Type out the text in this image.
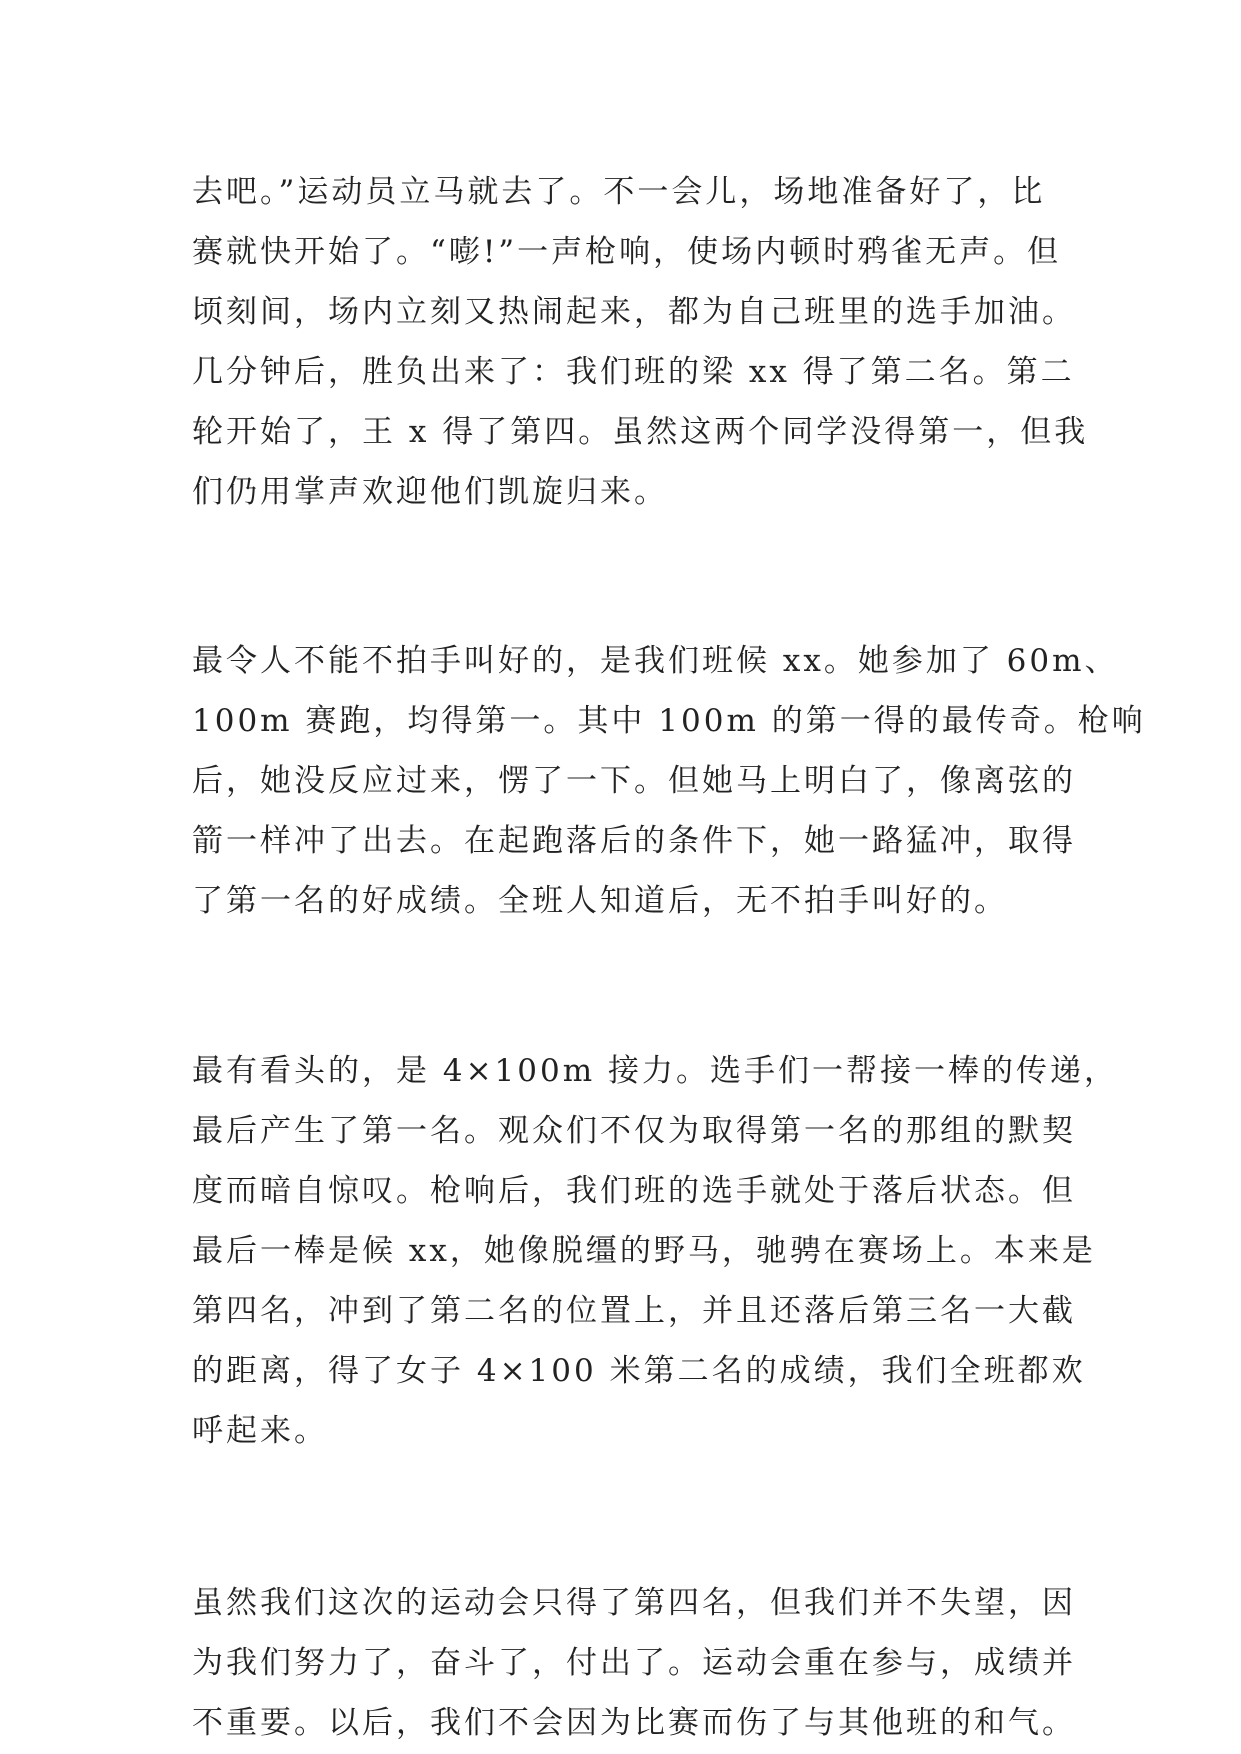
去吧。”运动员立马就去了。不一会儿，场地准备好了，比
赛就快开始了。“嘭!”一声枪响，使场内顿时鸦雀无声。但
顷刻间，场内立刻又热闹起来，都为自己班里的选手加油。
几分钟后，胜负出来了：我们班的梁 xx 得了第二名。第二
轮开始了，王 x 得了第四。虽然这两个同学没得第一，但我
们仍用掌声欢迎他们凯旋归来。
最令人不能不拍手叫好的，是我们班候 xx。她参加了 60m、
100m 赛跑，均得第一。其中 100m 的第一得的最传奇。枪响
后，她没反应过来，愣了一下。但她马上明白了，像离弦的
箭一样冲了出去。在起跑落后的条件下，她一路猛冲，取得
了第一名的好成绩。全班人知道后，无不拍手叫好的。
最有看头的，是 4×100m 接力。选手们一帮接一棒的传递，
最后产生了第一名。观众们不仅为取得第一名的那组的默契
度而暗自惊叹。枪响后，我们班的选手就处于落后状态。但
最后一棒是候 xx，她像脱缰的野马，驰骋在赛场上。本来是
第四名，冲到了第二名的位置上，并且还落后第三名一大截
的距离，得了女子 4×100 米第二名的成绩，我们全班都欢
呼起来。
虽然我们这次的运动会只得了第四名，但我们并不失望，因
为我们努力了，奋斗了，付出了。运动会重在参与，成绩并
不重要。以后，我们不会因为比赛而伤了与其他班的和气。
